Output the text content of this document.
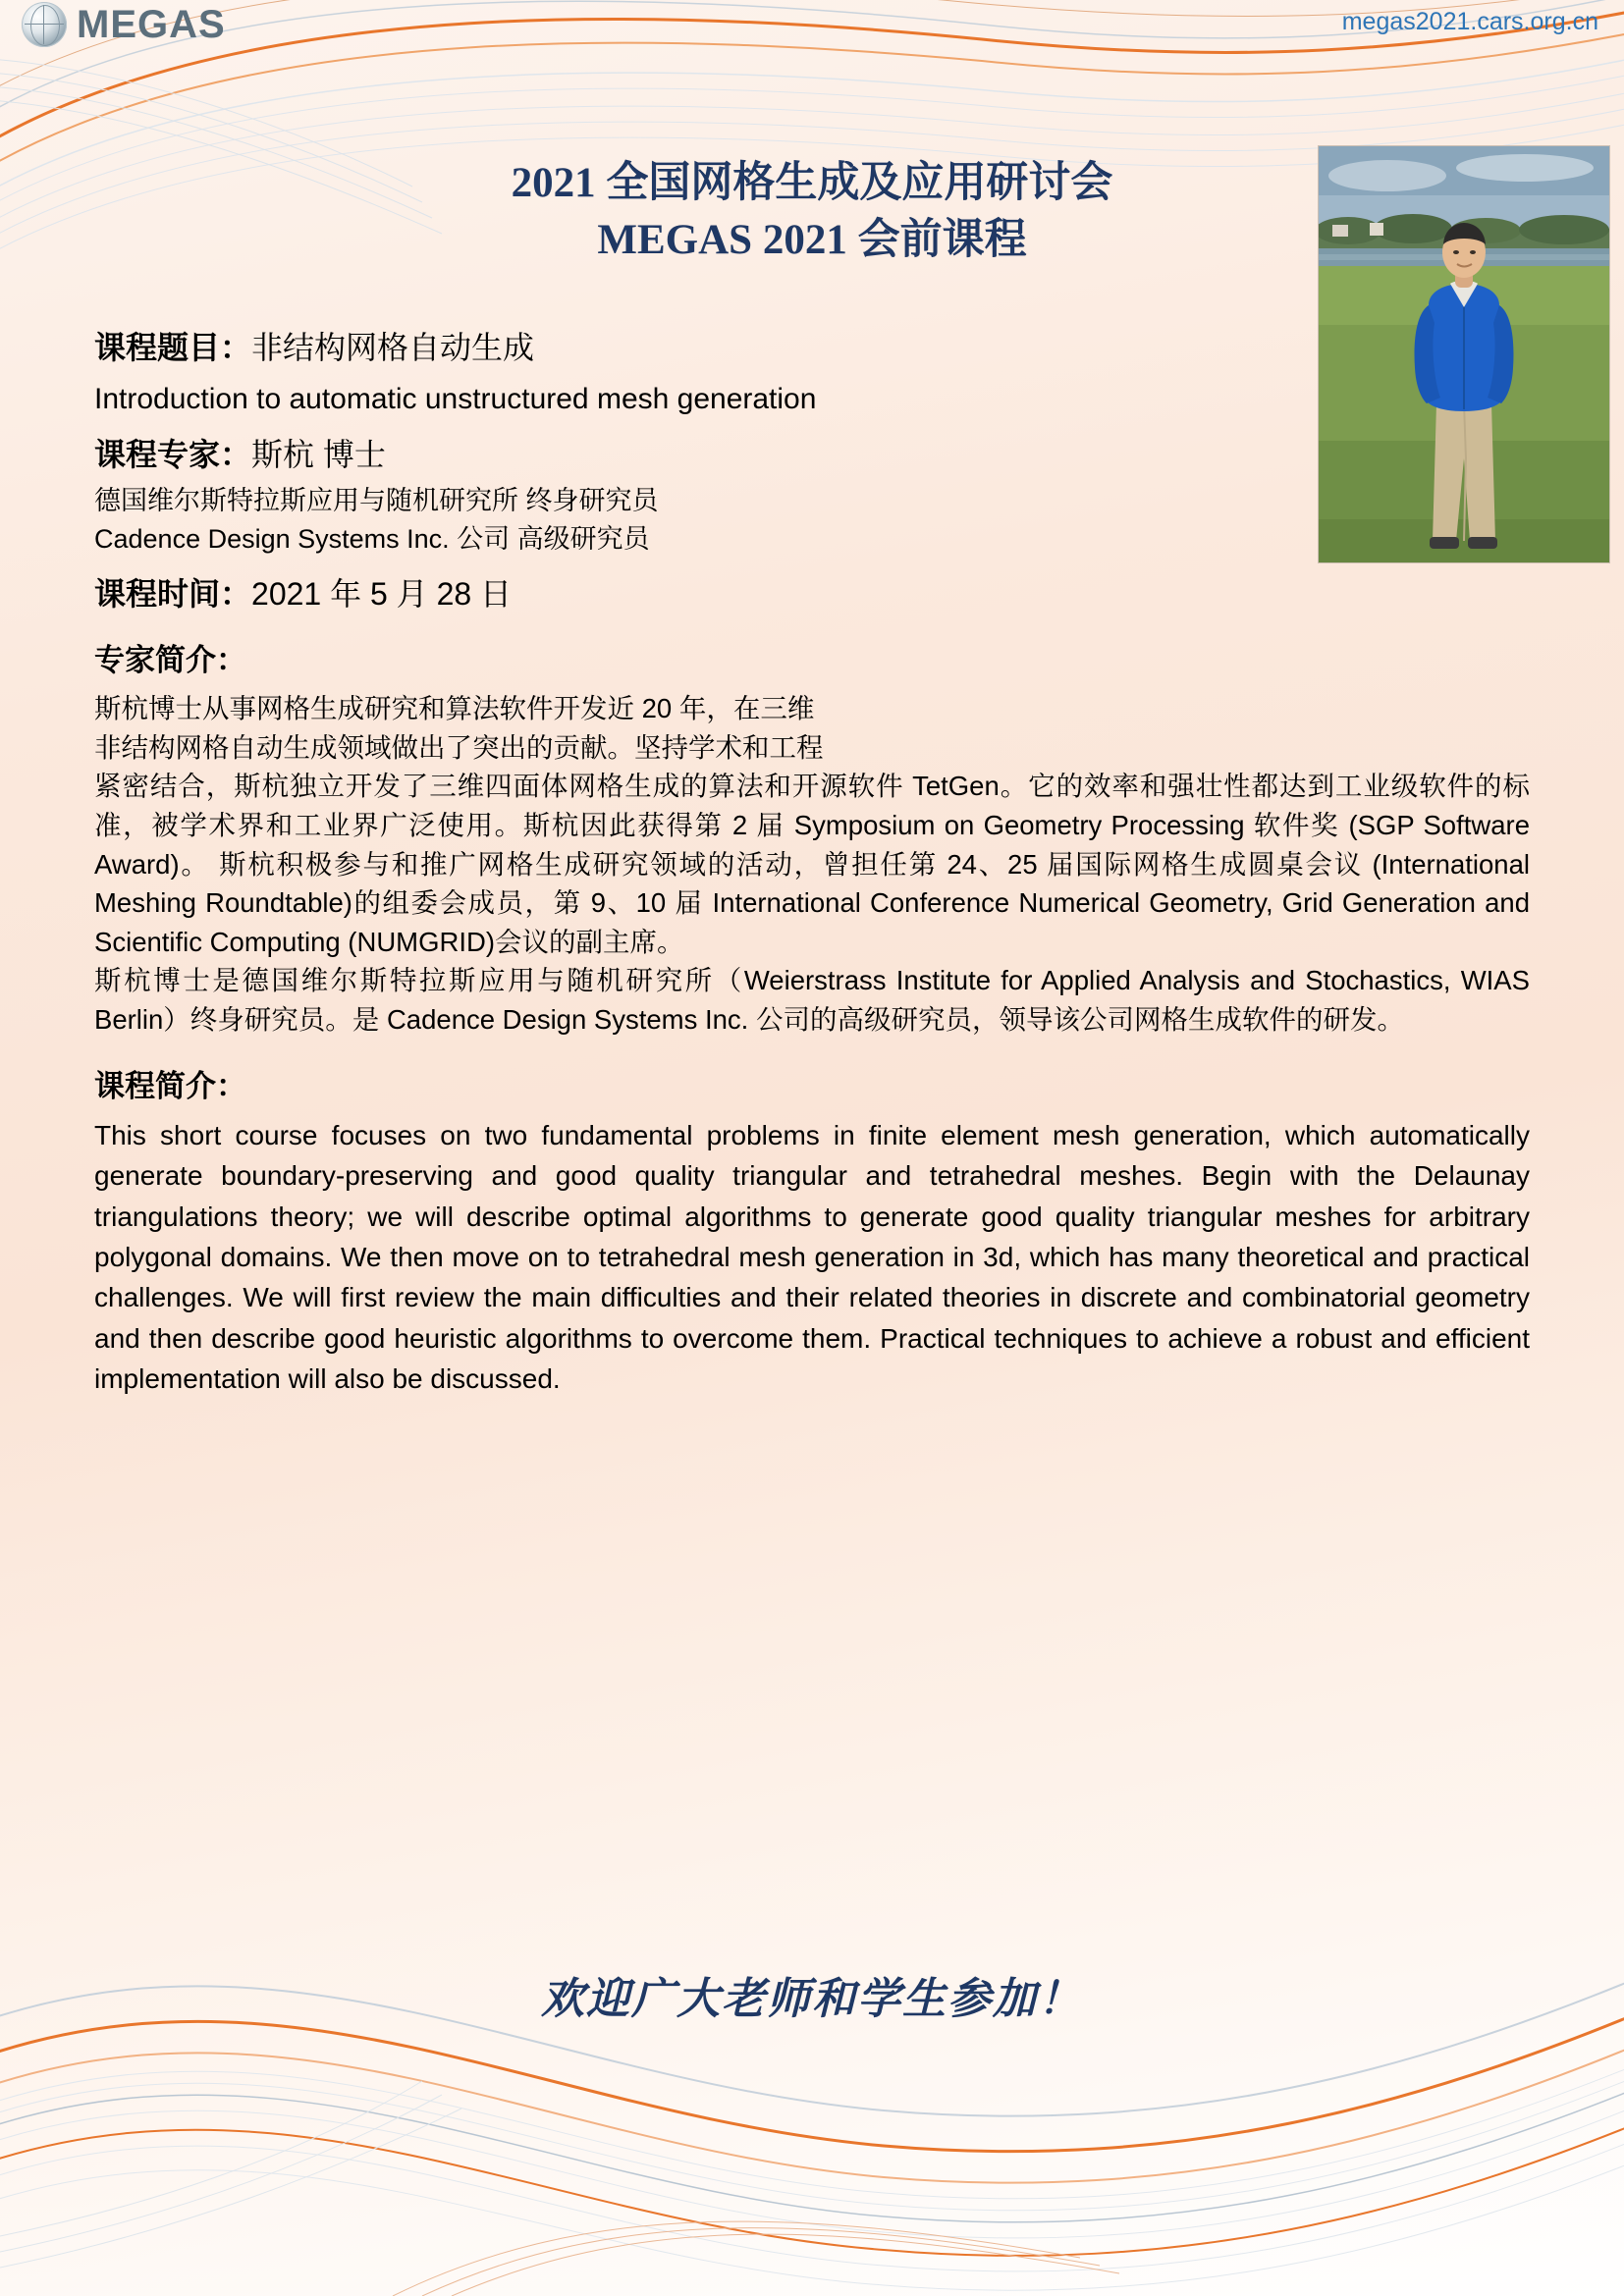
MEGAS	megas2021.cars.org.cn
2021 全国网格生成及应用研讨会
MEGAS 2021 会前课程

课程题目：非结构网格自动生成

Introduction to automatic unstructured mesh generation

课程专家：斯杭 博士

德国维尔斯特拉斯应用与随机研究所 终身研究员

Cadence Design Systems Inc. 公司 高级研究员

课程时间：2021 年 5 月 28 日

专家简介：

斯杭博士从事网格生成研究和算法软件开发近 20 年，在三维

非结构网格自动生成领域做出了突出的贡献。坚持学术和工程

紧密结合，斯杭独立开发了三维四面体网格生成的算法和开源软件 TetGen。它的效率和强壮性都达到工业级软件的标准，被学术界和工业界广泛使用。斯杭因此获得第 2 届 Symposium on Geometry Processing 软件奖 (SGP Software Award)。 斯杭积极参与和推广网格生成研究领域的活动，曾担任第 24、25 届国际网格生成圆桌会议 (International Meshing Roundtable)的组委会成员，第 9、10 届 International Conference Numerical Geometry, Grid Generation and Scientific Computing (NUMGRID)会议的副主席。

斯杭博士是德国维尔斯特拉斯应用与随机研究所（Weierstrass Institute for Applied Analysis and Stochastics, WIAS Berlin）终身研究员。是 Cadence Design Systems Inc. 公司的高级研究员，领导该公司网格生成软件的研发。

课程简介：

This short course focuses on two fundamental problems in finite element mesh generation, which automatically generate boundary-preserving and good quality triangular and tetrahedral meshes. Begin with the Delaunay triangulations theory; we will describe optimal algorithms to generate good quality triangular meshes for arbitrary polygonal domains. We then move on to tetrahedral mesh generation in 3d, which has many theoretical and practical challenges. We will first review the main difficulties and their related theories in discrete and combinatorial geometry and then describe good heuristic algorithms to overcome them. Practical techniques to achieve a robust and efficient implementation will also be discussed.

欢迎广大老师和学生参加！
